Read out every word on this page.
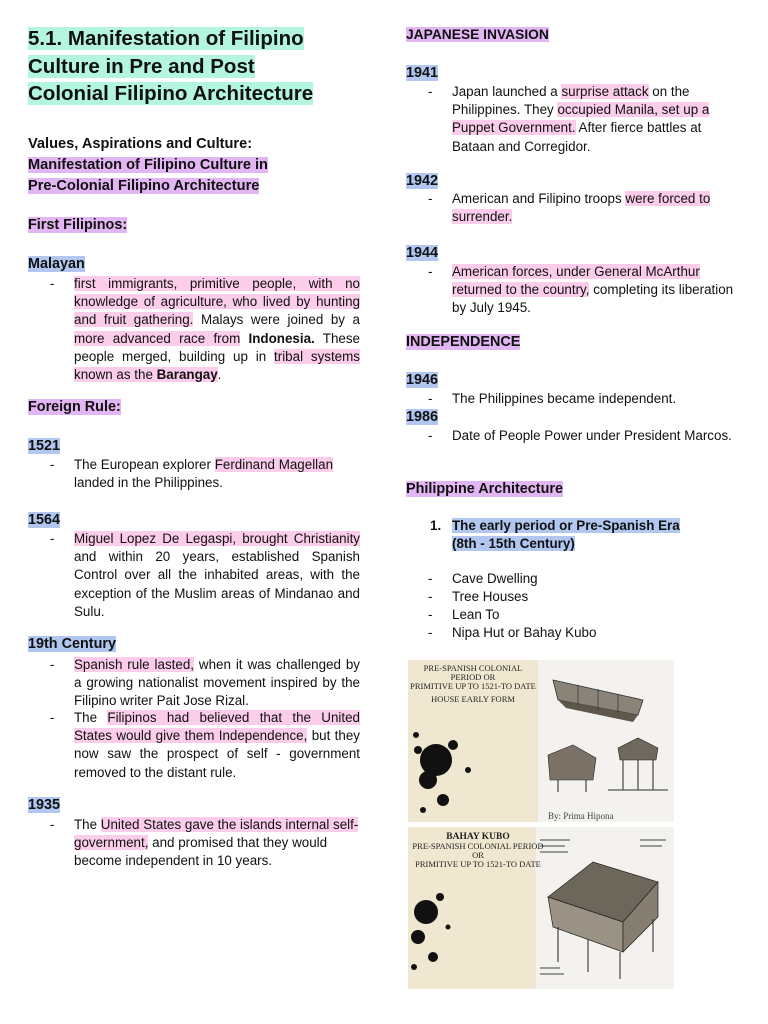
5.1. Manifestation of Filipino
Culture in Pre and Post
Colonial Filipino Architecture
Values, Aspirations and Culture:
Manifestation of Filipino Culture in
Pre-Colonial Filipino Architecture
First Filipinos:
Malayan
-	first immigrants, primitive people, with no knowledge of agriculture, who lived by hunting and fruit gathering. Malays were joined by a more advanced race from Indonesia. These people merged, building up in tribal systems known as the Barangay.
Foreign Rule:
1521
-	The European explorer Ferdinand Magellan landed in the Philippines.
1564
-	Miguel Lopez De Legaspi, brought Christianity and within 20 years, established Spanish Control over all the inhabited areas, with the exception of the Muslim areas of Mindanao and Sulu.
19th Century
-	Spanish rule lasted, when it was challenged by a growing nationalist movement inspired by the Filipino writer Pait Jose Rizal.
-	The Filipinos had believed that the United States would give them Independence, but they now saw the prospect of self - government removed to the distant rule.
1935
-	The United States gave the islands internal self-government, and promised that they would become independent in 10 years.
JAPANESE INVASION
1941
-	Japan launched a surprise attack on the Philippines. They occupied Manila, set up a Puppet Government. After fierce battles at Bataan and Corregidor.
1942
-	American and Filipino troops were forced to surrender.
1944
-	American forces, under General McArthur returned to the country, completing its liberation by July 1945.
INDEPENDENCE
1946
-	The Philippines became independent.
1986
-	Date of People Power under President Marcos.
Philippine Architecture
1. The early period or Pre-Spanish Era
(8th - 15th Century)
-	Cave Dwelling
-	Tree Houses
-	Lean To
-	Nipa Hut or Bahay Kubo
PRE-SPANISH COLONIAL PERIOD OR
PRIMITIVE UP TO 1521-TO DATE
HOUSE EARLY FORM
By: Prima Hipona
BAHAY KUBO
PRE-SPANISH COLONIAL PERIOD OR
PRIMITIVE UP TO 1521-TO DATE
